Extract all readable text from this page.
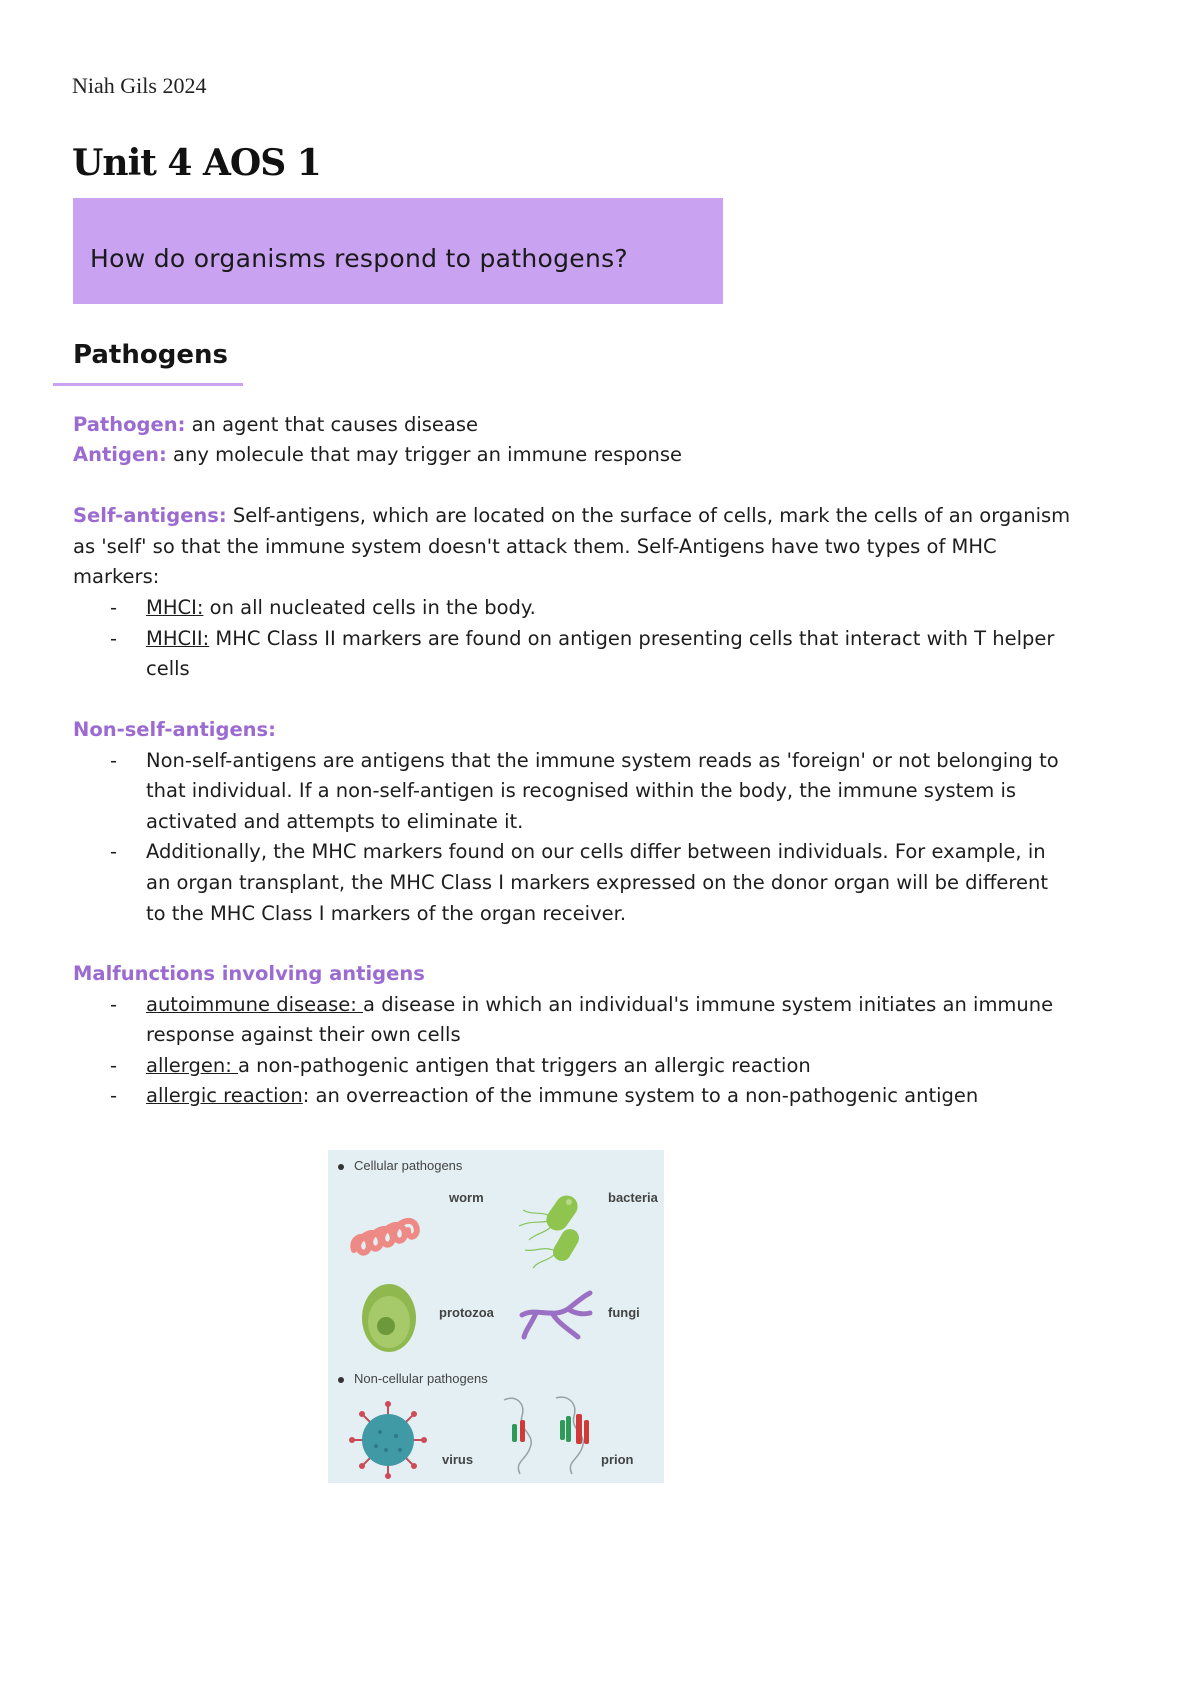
Niah Gils 2024
Unit 4 AOS 1
How do organisms respond to pathogens?
Pathogens
Pathogen: an agent that causes disease
Antigen: any molecule that may trigger an immune response
Self-antigens: Self-antigens, which are located on the surface of cells, mark the cells of an organism
as 'self' so that the immune system doesn't attack them. Self-Antigens have two types of MHC
markers:
- MHCI: on all nucleated cells in the body.
- MHCII: MHC Class II markers are found on antigen presenting cells that interact with T helper
cells
Non-self-antigens:
- Non-self-antigens are antigens that the immune system reads as 'foreign' or not belonging to
that individual. If a non-self-antigen is recognised within the body, the immune system is
activated and attempts to eliminate it.
- Additionally, the MHC markers found on our cells differ between individuals. For example, in
an organ transplant, the MHC Class I markers expressed on the donor organ will be different
to the MHC Class I markers of the organ receiver.
Malfunctions involving antigens
- autoimmune disease: a disease in which an individual's immune system initiates an immune
response against their own cells
- allergen: a non-pathogenic antigen that triggers an allergic reaction
- allergic reaction: an overreaction of the immune system to a non-pathogenic antigen
Cellular pathogens
worm	bacteria
protozoa	fungi
Non-cellular pathogens
virus	prion
